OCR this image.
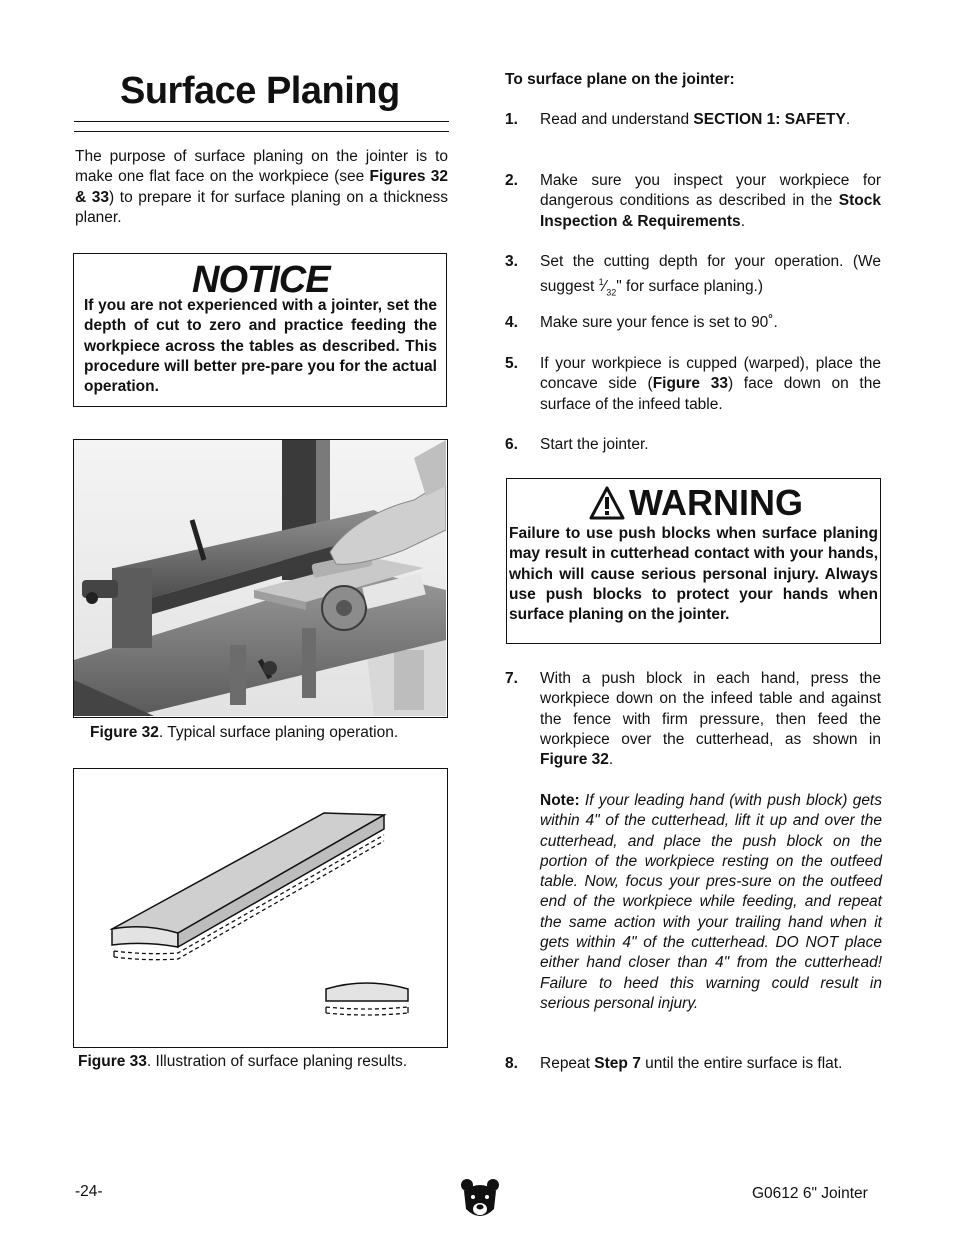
Surface Planing
The purpose of surface planing on the jointer is to make one flat face on the workpiece (see Figures 32 & 33) to prepare it for surface planing on a thickness planer.
NOTICE
If you are not experienced with a jointer, set the depth of cut to zero and practice feeding the workpiece across the tables as described. This procedure will better pre-pare you for the actual operation.
Figure 32. Typical surface planing operation.
Figure 33. Illustration of surface planing results.
To surface plane on the jointer:
1. Read and understand SECTION 1: SAFETY.
2. Make sure you inspect your workpiece for dangerous conditions as described in the Stock Inspection & Requirements.
3. Set the cutting depth for your operation. (We suggest $^1⁄_{32}$" for surface planing.)
4. Make sure your fence is set to 90˚.
5. If your workpiece is cupped (warped), place the concave side (Figure 33) face down on the surface of the infeed table.
6. Start the jointer.
WARNING
Failure to use push blocks when surface planing may result in cutterhead contact with your hands, which will cause serious personal injury. Always use push blocks to protect your hands when surface planing on the jointer.
7. With a push block in each hand, press the workpiece down on the infeed table and against the fence with firm pressure, then feed the workpiece over the cutterhead, as shown in Figure 32.
Note: If your leading hand (with push block) gets within 4" of the cutterhead, lift it up and over the cutterhead, and place the push block on the portion of the workpiece resting on the outfeed table. Now, focus your pres-sure on the outfeed end of the workpiece while feeding, and repeat the same action with your trailing hand when it gets within 4" of the cutterhead. DO NOT place either hand closer than 4" from the cutterhead! Failure to heed this warning could result in serious personal injury.
8. Repeat Step 7 until the entire surface is flat.
-24-	G0612 6" Jointer
